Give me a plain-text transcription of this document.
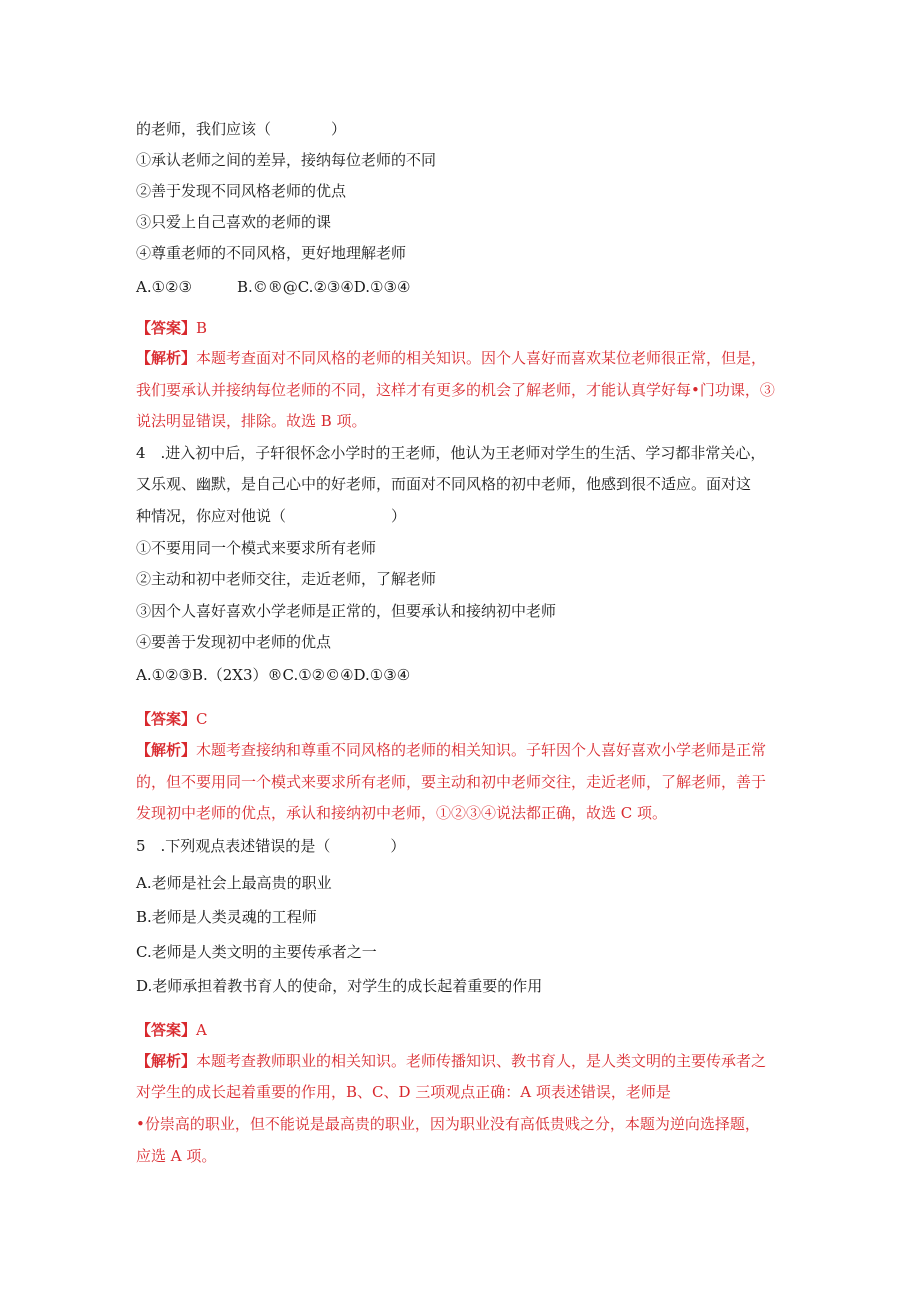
的老师，我们应该（　　　　）
①承认老师之间的差异，接纳每位老师的不同
②善于发现不同风格老师的优点
③只爱上自己喜欢的老师的课
④尊重老师的不同风格，更好地理解老师
A.①②③　　　B.©®@C.②③④D.①③④
【答案】B
【解析】本题考查面对不同风格的老师的相关知识。因个人喜好而喜欢某位老师很正常，但是，
我们要承认并接纳每位老师的不同，这样才有更多的机会了解老师，才能认真学好每•门功课，③
说法明显错误，排除。故选 B 项。
4　.进入初中后，子轩很怀念小学时的王老师，他认为王老师对学生的生活、学习都非常关心，
又乐观、幽默，是自己心中的好老师，而面对不同风格的初中老师，他感到很不适应。面对这
种情况，你应对他说（　　　　　　　）
①不要用同一个模式来要求所有老师
②主动和初中老师交往，走近老师，了解老师
③因个人喜好喜欢小学老师是正常的，但要承认和接纳初中老师
④要善于发现初中老师的优点
A.①②③B.（2X3）®C.①②©④D.①③④
【答案】C
【解析】木题考查接纳和尊重不同风格的老师的相关知识。子轩因个人喜好喜欢小学老师是正常
的，但不要用同一个模式来要求所有老师，要主动和初中老师交往，走近老师，了解老师，善于
发现初中老师的优点，承认和接纳初中老师，①②③④说法都正确，故选 C 项。
5　.下列观点表述错误的是（　　　　）
A.老师是社会上最高贵的职业
B.老师是人类灵魂的工程师
C.老师是人类文明的主要传承者之一
D.老师承担着教书育人的使命，对学生的成长起着重要的作用
【答案】A
【解析】本题考查教师职业的相关知识。老师传播知识、教书育人，是人类文明的主要传承者之
对学生的成长起着重要的作用，B、C、D 三项观点正确：A 项表述错误，老师是
•份崇高的职业，但不能说是最高贵的职业，因为职业没有高低贵贱之分，本题为逆向选择题，
应选 A 项。
